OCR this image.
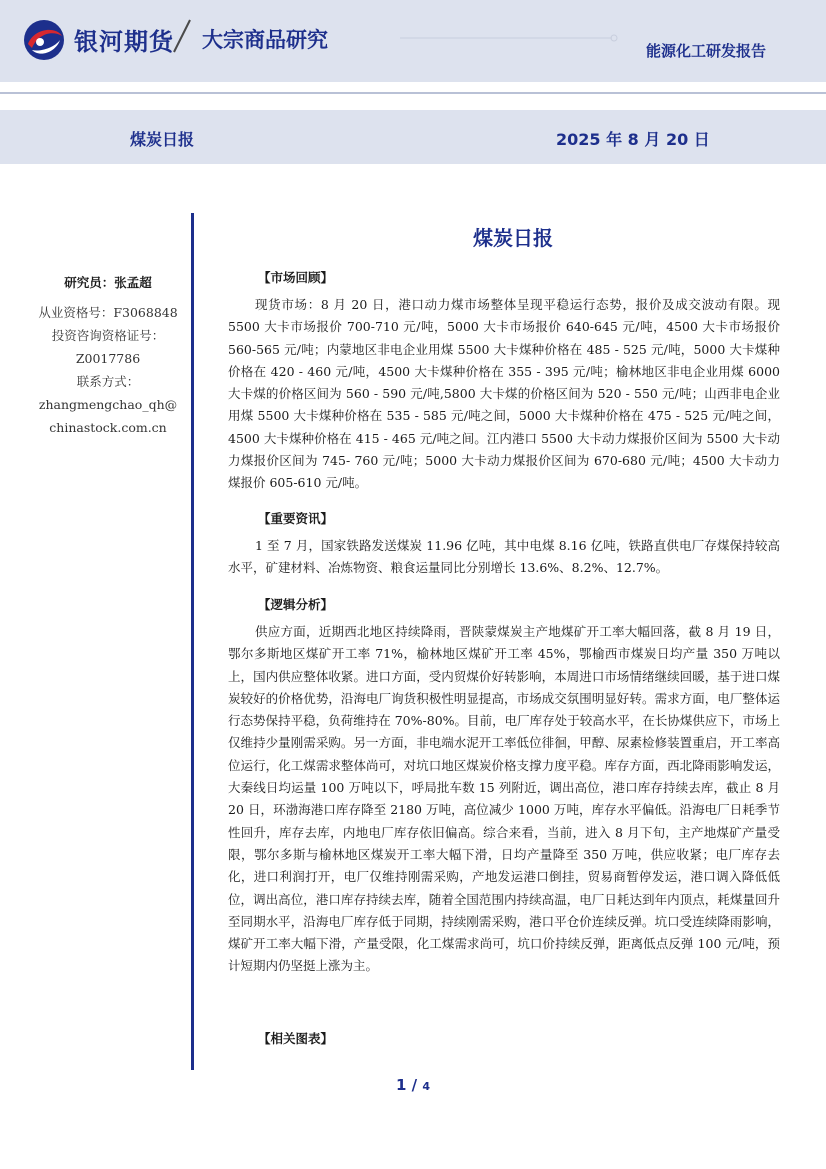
银河期货 大宗商品研究	能源化工研发报告
煤炭日报	2025 年 8 月 20 日
研究员：张孟超
从业资格号：F3068848
投资咨询资格证号：
Z0017786
联系方式：
zhangmengchao_qh@
chinastock.com.cn
煤炭日报

【市场回顾】

现货市场：8 月 20 日，港口动力煤市场整体呈现平稳运行态势，报价及成交波动有限。现 5500 大卡市场报价 700-710 元/吨，5000 大卡市场报价 640-645 元/吨，4500 大卡市场报价 560-565 元/吨；内蒙地区非电企业用煤 5500 大卡煤种价格在 485 - 525 元/吨，5000 大卡煤种价格在 420 - 460 元/吨，4500 大卡煤种价格在 355 - 395 元/吨；榆林地区非电企业用煤 6000 大卡煤的价格区间为 560 - 590 元/吨,5800 大卡煤的价格区间为 520 - 550 元/吨；山西非电企业用煤 5500 大卡煤种价格在 535 - 585 元/吨之间，5000 大卡煤种价格在 475 - 525 元/吨之间，4500 大卡煤种价格在 415 - 465 元/吨之间。江内港口 5500 大卡动力煤报价区间为 5500 大卡动力煤报价区间为 745- 760 元/吨；5000 大卡动力煤报价区间为 670-680 元/吨；4500 大卡动力煤报价 605-610 元/吨。

【重要资讯】

1 至 7 月，国家铁路发送煤炭 11.96 亿吨，其中电煤 8.16 亿吨，铁路直供电厂存煤保持较高水平，矿建材料、冶炼物资、粮食运量同比分别增长 13.6%、8.2%、12.7%。

【逻辑分析】

供应方面，近期西北地区持续降雨，晋陕蒙煤炭主产地煤矿开工率大幅回落，截 8 月 19 日，鄂尔多斯地区煤矿开工率 71%，榆林地区煤矿开工率 45%，鄂榆西市煤炭日均产量 350 万吨以上，国内供应整体收紧。进口方面，受内贸煤价好转影响，本周进口市场情绪继续回暖，基于进口煤炭较好的价格优势，沿海电厂询货积极性明显提高，市场成交氛围明显好转。需求方面，电厂整体运行态势保持平稳，负荷维持在 70%-80%。目前，电厂库存处于较高水平，在长协煤供应下，市场上仅维持少量刚需采购。另一方面，非电端水泥开工率低位徘徊，甲醇、尿素检修装置重启，开工率高位运行，化工煤需求整体尚可，对坑口地区煤炭价格支撑力度平稳。库存方面，西北降雨影响发运，大秦线日均运量 100 万吨以下，呼局批车数 15 列附近，调出高位，港口库存持续去库，截止 8 月 20 日，环渤海港口库存降至 2180 万吨，高位减少 1000 万吨，库存水平偏低。沿海电厂日耗季节性回升，库存去库，内地电厂库存依旧偏高。综合来看，当前，进入 8 月下旬，主产地煤矿产量受限，鄂尔多斯与榆林地区煤炭开工率大幅下滑，日均产量降至 350 万吨，供应收紧；电厂库存去化，进口利润打开，电厂仅维持刚需采购，产地发运港口倒挂，贸易商暂停发运，港口调入降低低位，调出高位，港口库存持续去库，随着全国范围内持续高温，电厂日耗达到年内顶点，耗煤量回升至同期水平，沿海电厂库存低于同期，持续刚需采购，港口平仓价连续反弹。坑口受连续降雨影响，煤矿开工率大幅下滑，产量受限，化工煤需求尚可，坑口价持续反弹，距离低点反弹 100 元/吨，预计短期内仍坚挺上涨为主。

【相关图表】

1 / 4
